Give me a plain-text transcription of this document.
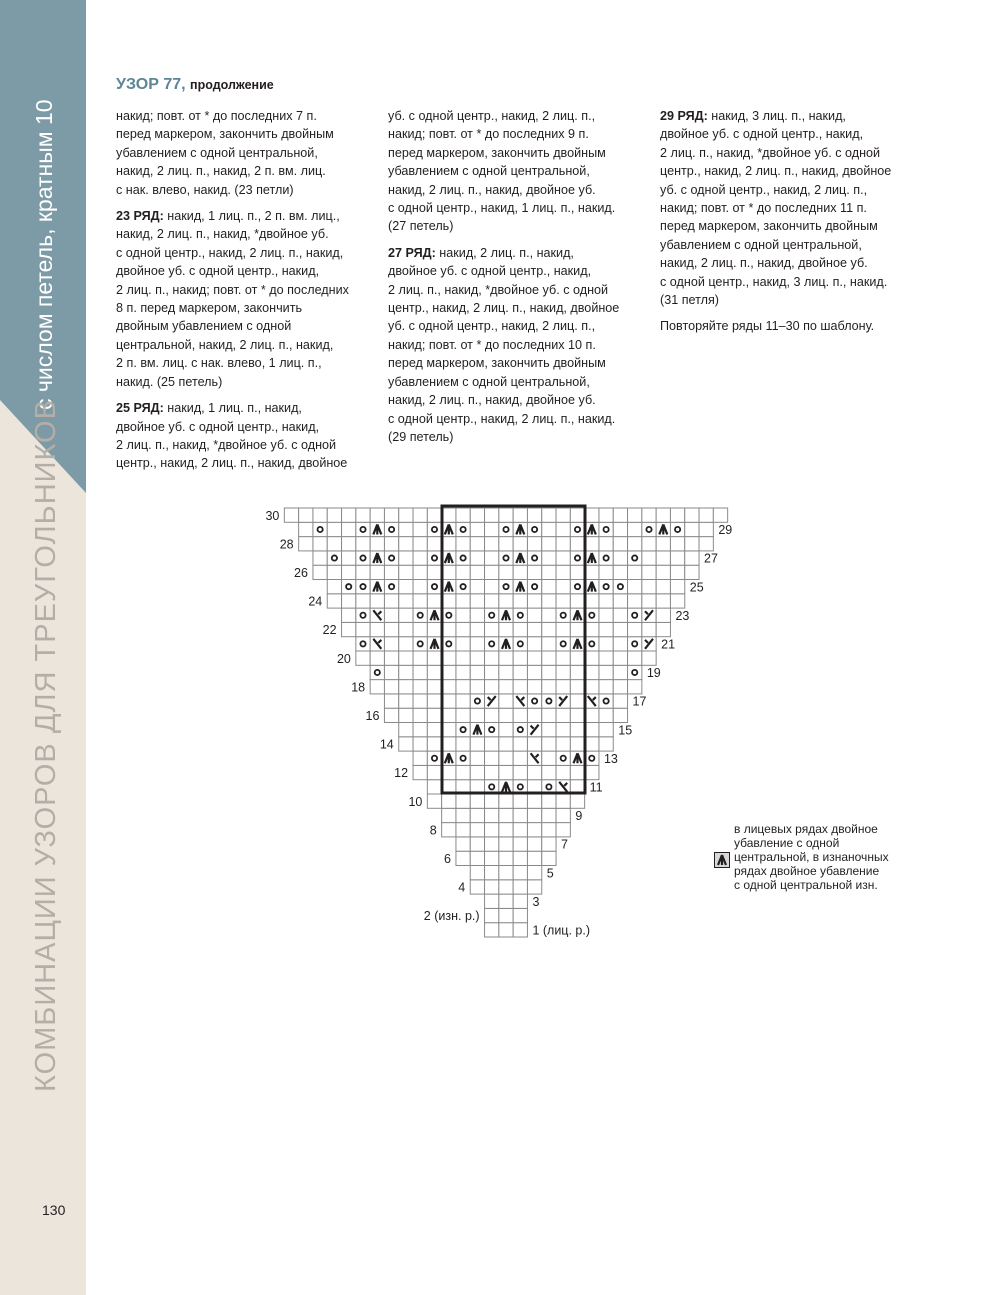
с числом петель, кратным 10
КОМБИНАЦИИ УЗОРОВ ДЛЯ ТРЕУГОЛЬНИКОВ
130
УЗОР 77, продолжение

накид; повт. от * до последних 7 п.
перед маркером, закончить двойным
убавлением с одной центральной,
накид, 2 лиц. п., накид, 2 п. вм. лиц.
с нак. влево, накид. (23 петли)

23 РЯД: накид, 1 лиц. п., 2 п. вм. лиц.,
накид, 2 лиц. п., накид, *двойное уб.
с одной центр., накид, 2 лиц. п., накид,
двойное уб. с одной центр., накид,
2 лиц. п., накид; повт. от * до последних
8 п. перед маркером, закончить
двойным убавлением с одной
центральной, накид, 2 лиц. п., накид,
2 п. вм. лиц. с нак. влево, 1 лиц. п.,
накид. (25 петель)

25 РЯД: накид, 1 лиц. п., накид,
двойное уб. с одной центр., накид,
2 лиц. п., накид, *двойное уб. с одной
центр., накид, 2 лиц. п., накид, двойное

уб. с одной центр., накид, 2 лиц. п.,
накид; повт. от * до последних 9 п.
перед маркером, закончить двойным
убавлением с одной центральной,
накид, 2 лиц. п., накид, двойное уб.
с одной центр., накид, 1 лиц. п., накид.
(27 петель)

27 РЯД: накид, 2 лиц. п., накид,
двойное уб. с одной центр., накид,
2 лиц. п., накид, *двойное уб. с одной
центр., накид, 2 лиц. п., накид, двойное
уб. с одной центр., накид, 2 лиц. п.,
накид; повт. от * до последних 10 п.
перед маркером, закончить двойным
убавлением с одной центральной,
накид, 2 лиц. п., накид, двойное уб.
с одной центр., накид, 2 лиц. п., накид.
(29 петель)

29 РЯД: накид, 3 лиц. п., накид,
двойное уб. с одной центр., накид,
2 лиц. п., накид, *двойное уб. с одной
центр., накид, 2 лиц. п., накид, двойное
уб. с одной центр., накид, 2 лиц. п.,
накид; повт. от * до последних 11 п.
перед маркером, закончить двойным
убавлением с одной центральной,
накид, 2 лиц. п., накид, двойное уб.
с одной центр., накид, 3 лиц. п., накид.
(31 петля)

Повторяйте ряды 11–30 по шаблону.

1 (лиц. р.)
2 (изн. р.)
3
4
5
6
7
8
9
10
11
12
13
14
15
16
17
18
19
20
21
22
23
24
25
26
27
28
29
30
в лицевых рядах двойное
убавление с одной
центральной, в изнаночных
рядах двойное убавление
с одной центральной изн.
